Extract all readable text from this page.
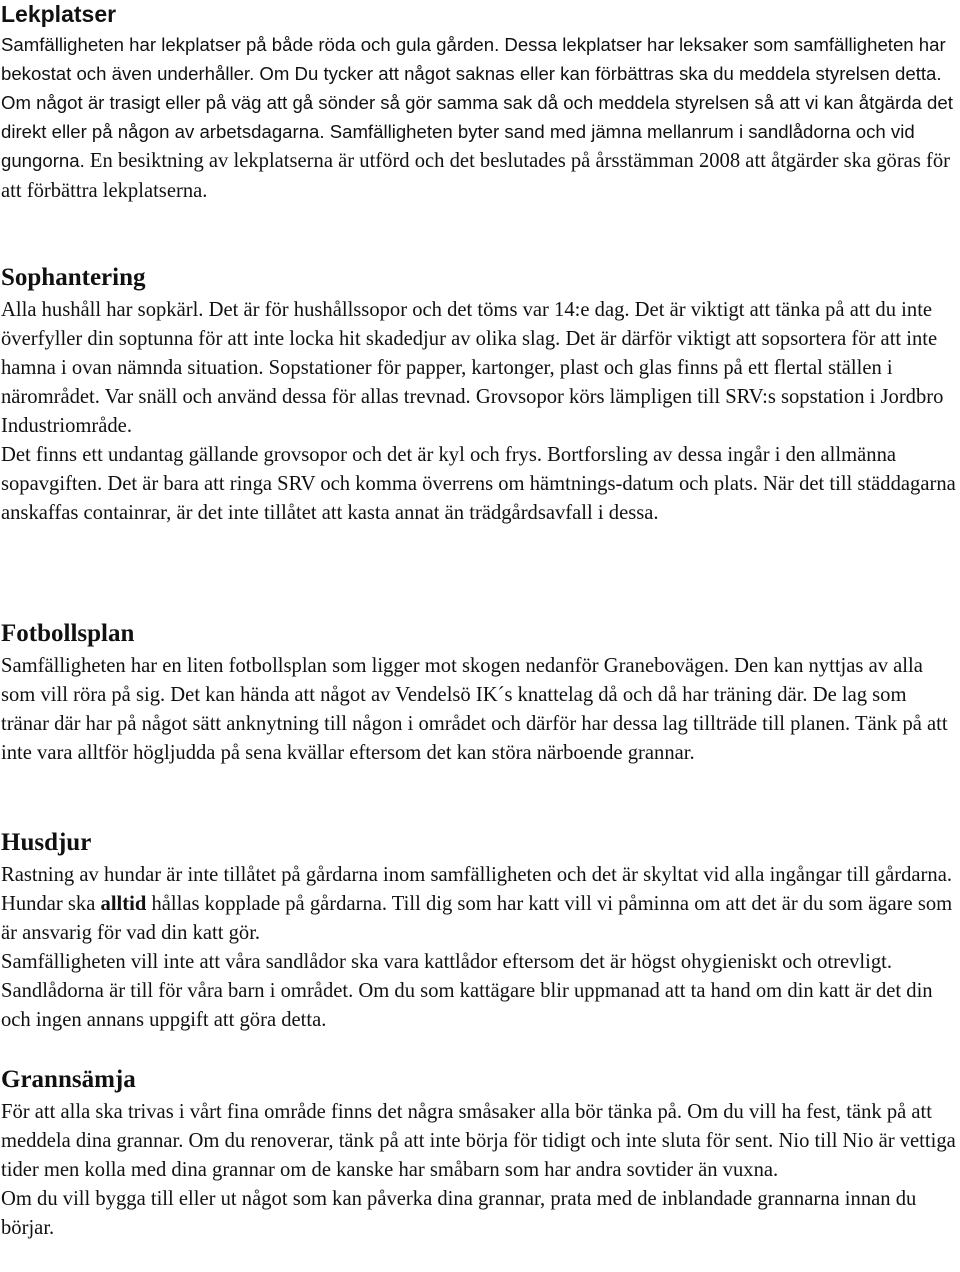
Lekplatser

Samfälligheten har lekplatser på både röda och gula gården. Dessa lekplatser har leksaker som samfälligheten har bekostat och även underhåller. Om Du tycker att något saknas eller kan förbättras ska du meddela styrelsen detta. Om något är trasigt eller på väg att gå sönder så gör samma sak då och meddela styrelsen så att vi kan åtgärda det direkt eller på någon av arbetsdagarna. Samfälligheten byter sand med jämna mellanrum i sandlådorna och vid gungorna. En besiktning av lekplatserna är utförd och det beslutades på årsstämman 2008 att åtgärder ska göras för att förbättra lekplatserna.

Sophantering

Alla hushåll har sopkärl. Det är för hushållssopor och det töms var 14:e dag. Det är viktigt att tänka på att du inte överfyller din soptunna för att inte locka hit skadedjur av olika slag. Det är därför viktigt att sopsortera för att inte hamna i ovan nämnda situation. Sopstationer för papper, kartonger, plast och glas finns på ett flertal ställen i närområdet. Var snäll och använd dessa för allas trevnad. Grovsopor körs lämpligen till SRV:s sopstation i Jordbro Industriområde.

Det finns ett undantag gällande grovsopor och det är kyl och frys. Bortforsling av dessa ingår i den allmänna sopavgiften. Det är bara att ringa SRV och komma överrens om hämtnings-datum och plats. När det till städdagarna anskaffas containrar, är det inte tillåtet att kasta annat än trädgårdsavfall i dessa.

Fotbollsplan

Samfälligheten har en liten fotbollsplan som ligger mot skogen nedanför Granebovägen. Den kan nyttjas av alla som vill röra på sig. Det kan hända att något av Vendelsö IK´s knattelag då och då har träning där. De lag som tränar där har på något sätt anknytning till någon i området och därför har dessa lag tillträde till planen. Tänk på att inte vara alltför högljudda på sena kvällar eftersom det kan störa närboende grannar.

Husdjur

Rastning av hundar är inte tillåtet på gårdarna inom samfälligheten och det är skyltat vid alla ingångar till gårdarna. Hundar ska alltid hållas kopplade på gårdarna. Till dig som har katt vill vi påminna om att det är du som ägare som är ansvarig för vad din katt gör.

Samfälligheten vill inte att våra sandlådor ska vara kattlådor eftersom det är högst ohygieniskt och otrevligt. Sandlådorna är till för våra barn i området. Om du som kattägare blir uppmanad att ta hand om din katt är det din och ingen annans uppgift att göra detta.

Grannsämja

För att alla ska trivas i vårt fina område finns det några småsaker alla bör tänka på. Om du vill ha fest, tänk på att meddela dina grannar. Om du renoverar, tänk på att inte börja för tidigt och inte sluta för sent. Nio till Nio är vettiga tider men kolla med dina grannar om de kanske har småbarn som har andra sovtider än vuxna.

Om du vill bygga till eller ut något som kan påverka dina grannar, prata med de inblandade grannarna innan du börjar.
